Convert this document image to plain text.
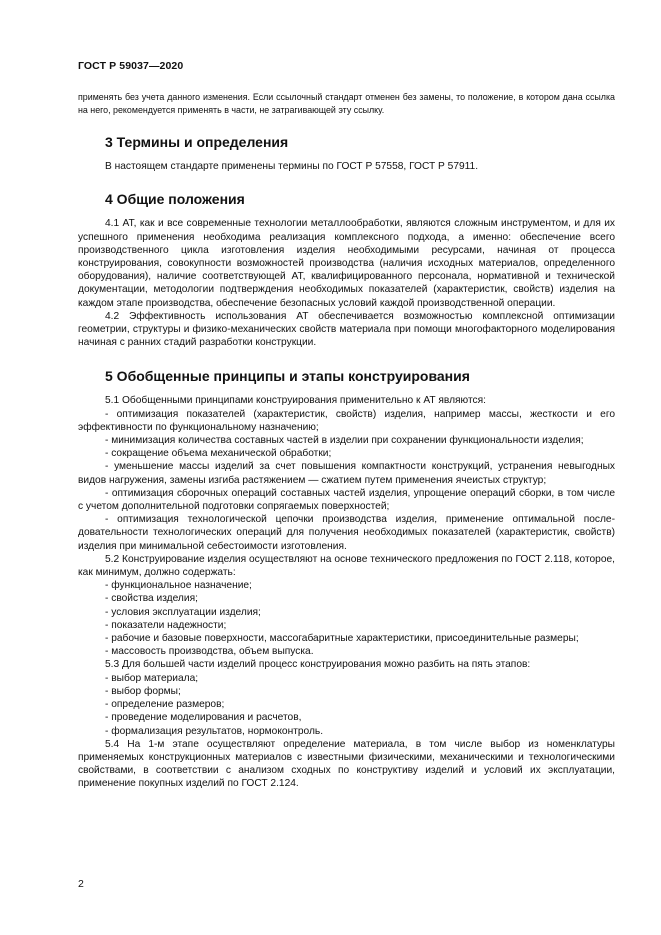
ГОСТ Р 59037—2020

применять без учета данного изменения. Если ссылочный стандарт отменен без замены, то положение, в котором дана ссылка на него, рекомендуется применять в части, не затрагивающей эту ссылку.

3 Термины и определения

В настоящем стандарте применены термины по ГОСТ Р 57558, ГОСТ Р 57911.

4 Общие положения

4.1 АТ, как и все современные технологии металлообработки, являются сложным инструментом, и для их успешного применения необходима реализация комплексного подхода, а именно: обеспечение всего производственного цикла изготовления изделия необходимыми ресурсами, начиная от процесса конструирования, совокупности возможностей производства (наличия исходных материалов, определенного оборудования), наличие соответствующей АТ, квалифицированного персонала, нормативной и технической документации, методологии подтверждения необходимых показателей (характеристик, свойств) изделия на каждом этапе производства, обеспечение безопасных условий каждой производственной операции.

4.2 Эффективность использования АТ обеспечивается возможностью комплексной оптимизации геометрии, структуры и физико-механических свойств материала при помощи многофакторного моделирования начиная с ранних стадий разработки конструкции.

5 Обобщенные принципы и этапы конструирования

5.1 Обобщенными принципами конструирования применительно к АТ являются:

- оптимизация показателей (характеристик, свойств) изделия, например массы, жесткости и его эффективности по функциональному назначению;

- минимизация количества составных частей в изделии при сохранении функциональности изделия;

- сокращение объема механической обработки;

- уменьшение массы изделий за счет повышения компактности конструкций, устранения невыгодных видов нагружения, замены изгиба растяжением — сжатием путем применения ячеистых структур;

- оптимизация сборочных операций составных частей изделия, упрощение операций сборки, в том числе с учетом дополнительной подготовки сопрягаемых поверхностей;

- оптимизация технологической цепочки производства изделия, применение оптимальной последовательности технологических операций для получения необходимых показателей (характеристик, свойств) изделия при минимальной себестоимости изготовления.

5.2 Конструирование изделия осуществляют на основе технического предложения по ГОСТ 2.118, которое, как минимум, должно содержать:

- функциональное назначение;

- свойства изделия;

- условия эксплуатации изделия;

- показатели надежности;

- рабочие и базовые поверхности, массогабаритные характеристики, присоединительные размеры;

- массовость производства, объем выпуска.

5.3 Для большей части изделий процесс конструирования можно разбить на пять этапов:

- выбор материала;

- выбор формы;

- определение размеров;

- проведение моделирования и расчетов,

- формализация результатов, нормоконтроль.

5.4 На 1-м этапе осуществляют определение материала, в том числе выбор из номенклатуры применяемых конструкционных материалов с известными физическими, механическими и технологическими свойствами, в соответствии с анализом сходных по конструктиву изделий и условий их эксплуатации, применение покупных изделий по ГОСТ 2.124.

2
